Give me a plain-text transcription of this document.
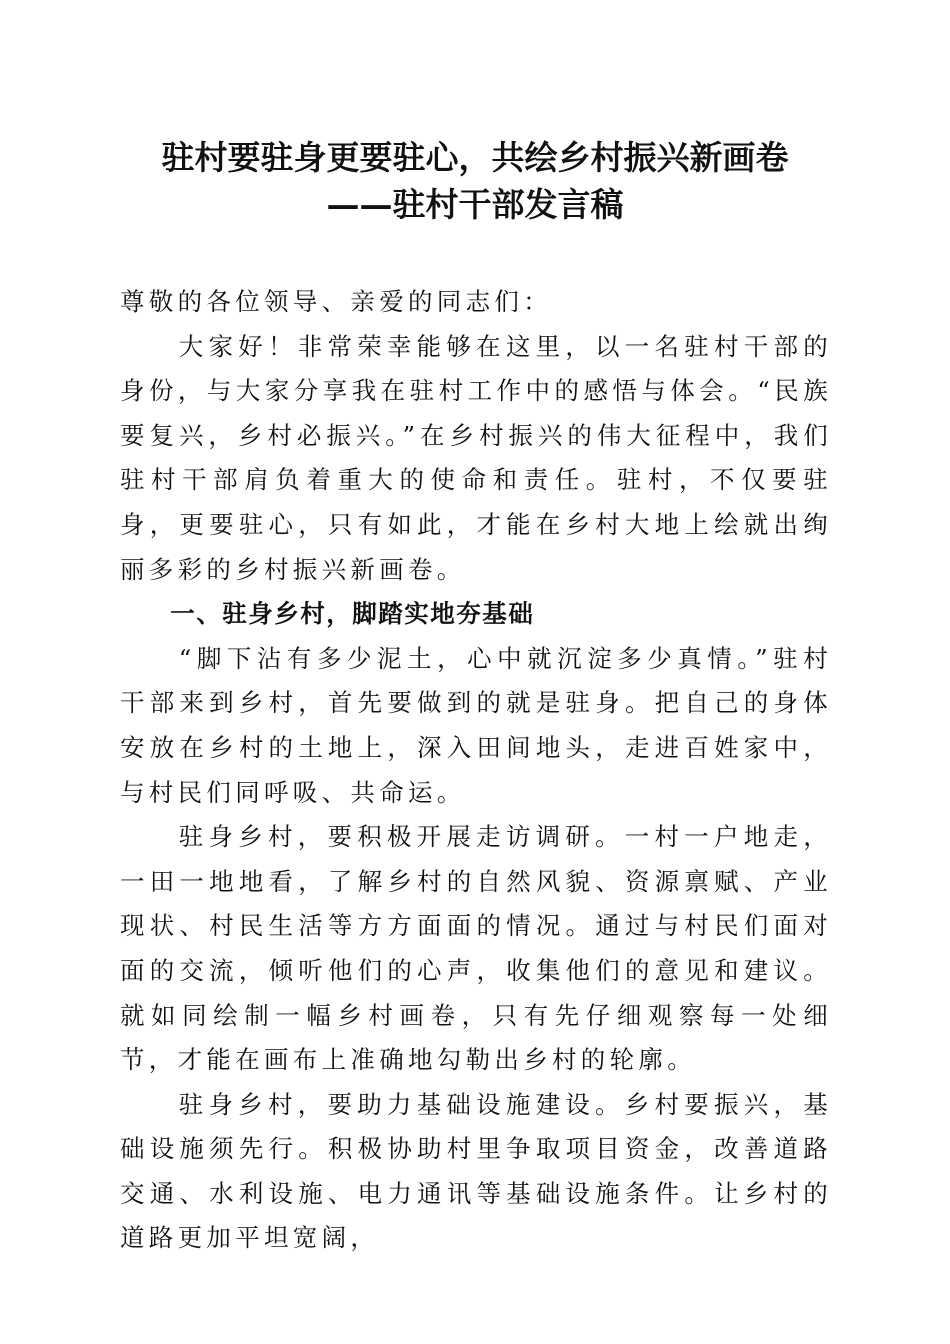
驻村要驻身更要驻心，共绘乡村振兴新画卷
——驻村干部发言稿

尊敬的各位领导、亲爱的同志们：

大家好！非常荣幸能够在这里，以一名驻村干部的身份，与大家分享我在驻村工作中的感悟与体会。“民族要复兴，乡村必振兴。”在乡村振兴的伟大征程中，我们驻村干部肩负着重大的使命和责任。驻村，不仅要驻身，更要驻心，只有如此，才能在乡村大地上绘就出绚丽多彩的乡村振兴新画卷。

一、驻身乡村，脚踏实地夯基础

“脚下沾有多少泥土，心中就沉淀多少真情。”驻村干部来到乡村，首先要做到的就是驻身。把自己的身体安放在乡村的土地上，深入田间地头，走进百姓家中，与村民们同呼吸、共命运。

驻身乡村，要积极开展走访调研。一村一户地走，一田一地地看，了解乡村的自然风貌、资源禀赋、产业现状、村民生活等方方面面的情况。通过与村民们面对面的交流，倾听他们的心声，收集他们的意见和建议。就如同绘制一幅乡村画卷，只有先仔细观察每一处细节，才能在画布上准确地勾勒出乡村的轮廓。

驻身乡村，要助力基础设施建设。乡村要振兴，基础设施须先行。积极协助村里争取项目资金，改善道路交通、水利设施、电力通讯等基础设施条件。让乡村的道路更加平坦宽阔，
